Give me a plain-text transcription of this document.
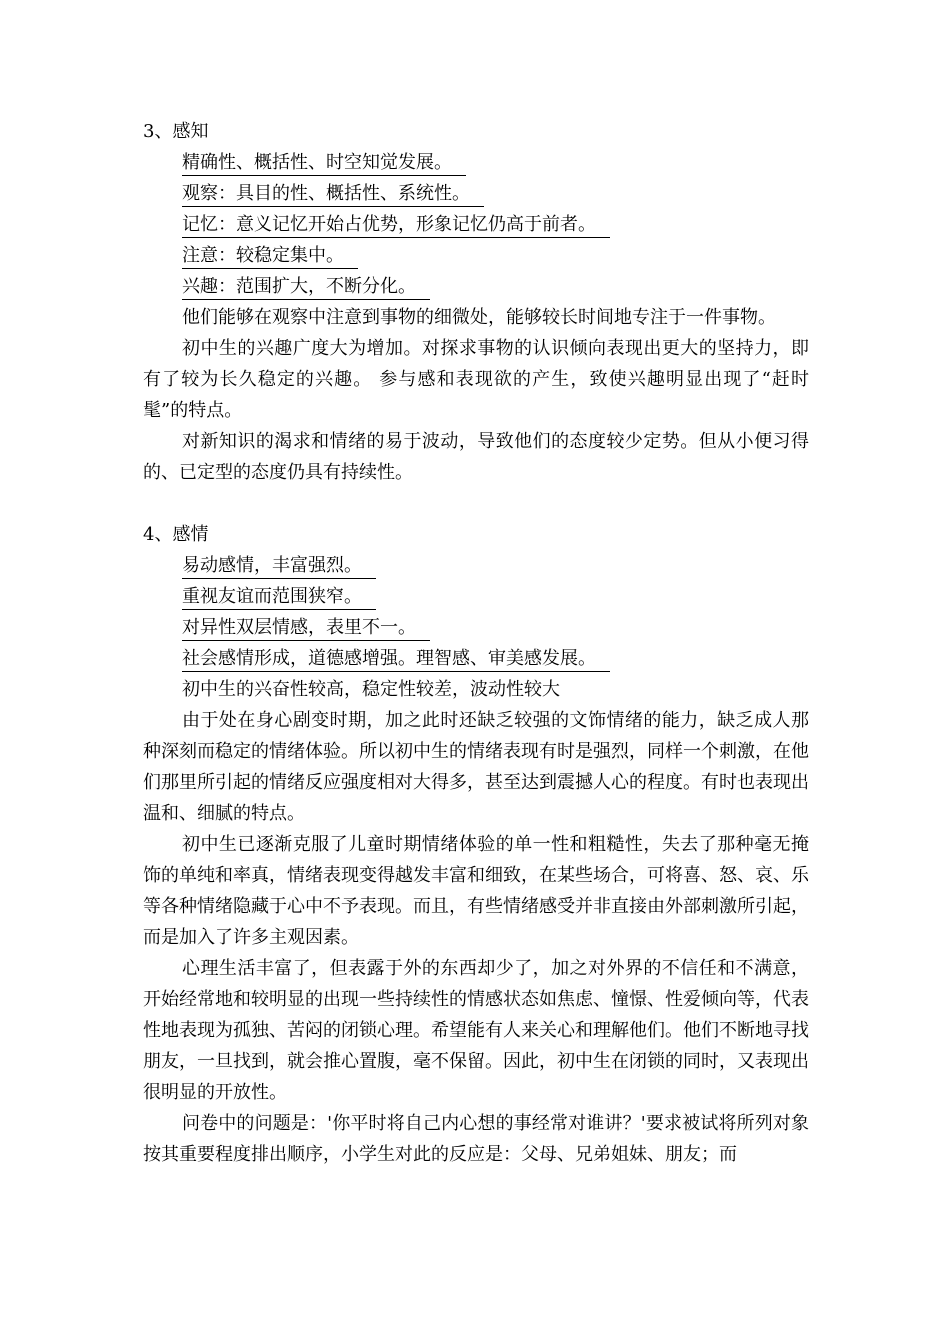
3、感知

精确性、概括性、时空知觉发展。

观察：具目的性、概括性、系统性。

记忆：意义记忆开始占优势，形象记忆仍高于前者。

注意：较稳定集中。

兴趣：范围扩大，不断分化。

他们能够在观察中注意到事物的细微处，能够较长时间地专注于一件事物。

初中生的兴趣广度大为增加。对探求事物的认识倾向表现出更大的坚持力，即有了较为长久稳定的兴趣。 参与感和表现欲的产生，致使兴趣明显出现了“赶时髦”的特点。

对新知识的渴求和情绪的易于波动，导致他们的态度较少定势。但从小便习得的、已定型的态度仍具有持续性。

4、感情

易动感情，丰富强烈。

重视友谊而范围狭窄。

对异性双层情感，表里不一。

社会感情形成，道德感增强。理智感、审美感发展。

初中生的兴奋性较高，稳定性较差，波动性较大

由于处在身心剧变时期，加之此时还缺乏较强的文饰情绪的能力，缺乏成人那种深刻而稳定的情绪体验。所以初中生的情绪表现有时是强烈，同样一个刺激，在他们那里所引起的情绪反应强度相对大得多，甚至达到震撼人心的程度。有时也表现出温和、细腻的特点。

初中生已逐渐克服了儿童时期情绪体验的单一性和粗糙性，失去了那种毫无掩饰的单纯和率真，情绪表现变得越发丰富和细致，在某些场合，可将喜、怒、哀、乐等各种情绪隐藏于心中不予表现。而且，有些情绪感受并非直接由外部刺激所引起，而是加入了许多主观因素。

心理生活丰富了，但表露于外的东西却少了，加之对外界的不信任和不满意，开始经常地和较明显的出现一些持续性的情感状态如焦虑、憧憬、性爱倾向等，代表性地表现为孤独、苦闷的闭锁心理。希望能有人来关心和理解他们。他们不断地寻找朋友，一旦找到，就会推心置腹，毫不保留。因此，初中生在闭锁的同时，又表现出很明显的开放性。

问卷中的问题是：'你平时将自己内心想的事经常对谁讲？'要求被试将所列对象按其重要程度排出顺序，小学生对此的反应是：父母、兄弟姐妹、朋友；而
